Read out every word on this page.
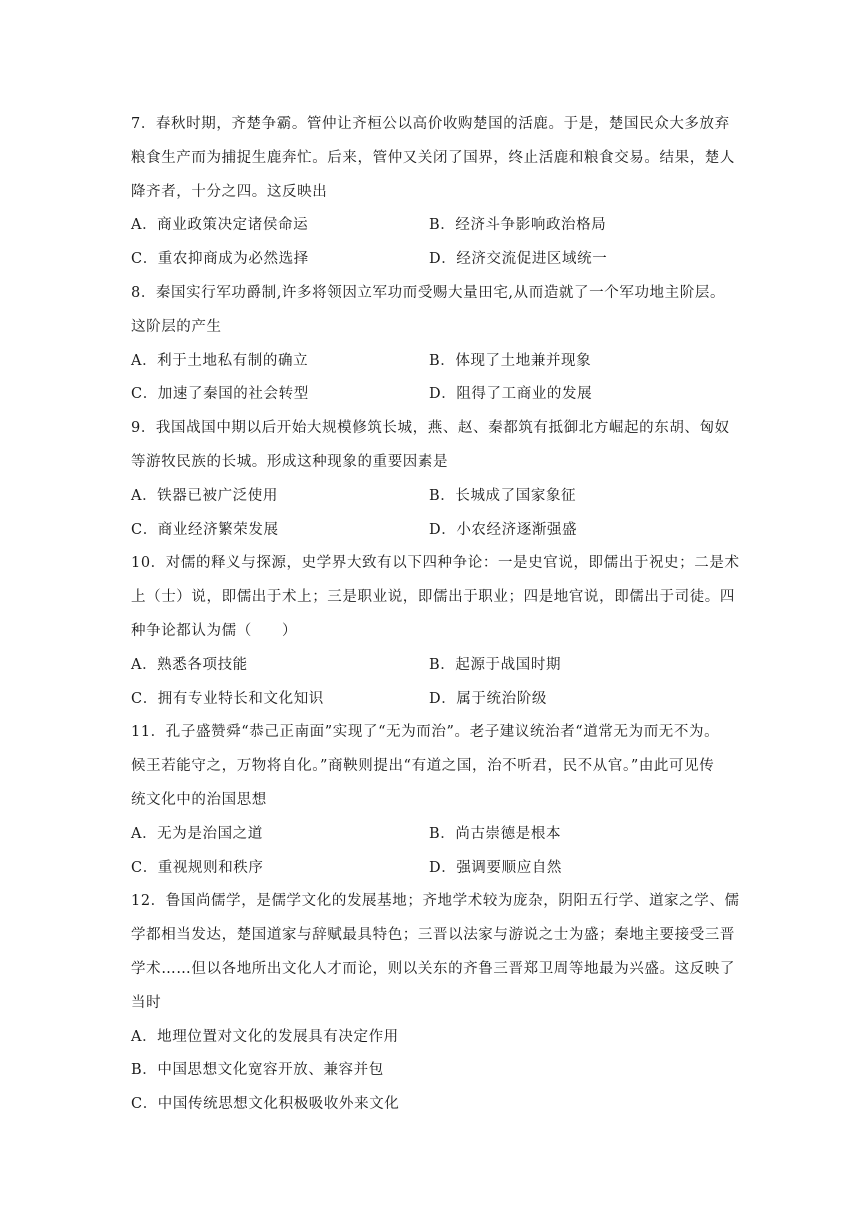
7．春秋时期，齐楚争霸。管仲让齐桓公以高价收购楚国的活鹿。于是，楚国民众大多放弃
粮食生产而为捕捉生鹿奔忙。后来，管仲又关闭了国界，终止活鹿和粮食交易。结果，楚人
降齐者，十分之四。这反映出
A．商业政策决定诸侯命运	B．经济斗争影响政治格局
C．重农抑商成为必然选择	D．经济交流促进区域统一
8．秦国实行军功爵制,许多将领因立军功而受赐大量田宅,从而造就了一个军功地主阶层。
这阶层的产生
A．利于土地私有制的确立	B．体现了土地兼并现象
C．加速了秦国的社会转型	D．阻得了工商业的发展
9．我国战国中期以后开始大规模修筑长城，燕、赵、秦都筑有抵御北方崛起的东胡、匈奴
等游牧民族的长城。形成这种现象的重要因素是
A．铁器已被广泛使用	B．长城成了国家象征
C．商业经济繁荣发展	D．小农经济逐渐强盛
10．对儒的释义与探源，史学界大致有以下四种争论：一是史官说，即儒出于祝史；二是术
上（士）说，即儒出于术上；三是职业说，即儒出于职业；四是地官说，即儒出于司徒。四
种争论都认为儒（　　）
A．熟悉各项技能	B．起源于战国时期
C．拥有专业特长和文化知识	D．属于统治阶级
11．孔子盛赞舜“恭己正南面”实现了“无为而治”。老子建议统治者“道常无为而无不为。
候王若能守之，万物将自化。”商鞅则提出“有道之国，治不听君，民不从官。”由此可见传
统文化中的治国思想
A．无为是治国之道	B．尚古崇德是根本
C．重视规则和秩序	D．强调要顺应自然
12．鲁国尚儒学，是儒学文化的发展基地；齐地学术较为庞杂，阴阳五行学、道家之学、儒
学都相当发达，楚国道家与辞赋最具特色；三晋以法家与游说之士为盛；秦地主要接受三晋
学术……但以各地所出文化人才而论，则以关东的齐鲁三晋郑卫周等地最为兴盛。这反映了
当时
A．地理位置对文化的发展具有决定作用
B．中国思想文化宽容开放、兼容并包
C．中国传统思想文化积极吸收外来文化
